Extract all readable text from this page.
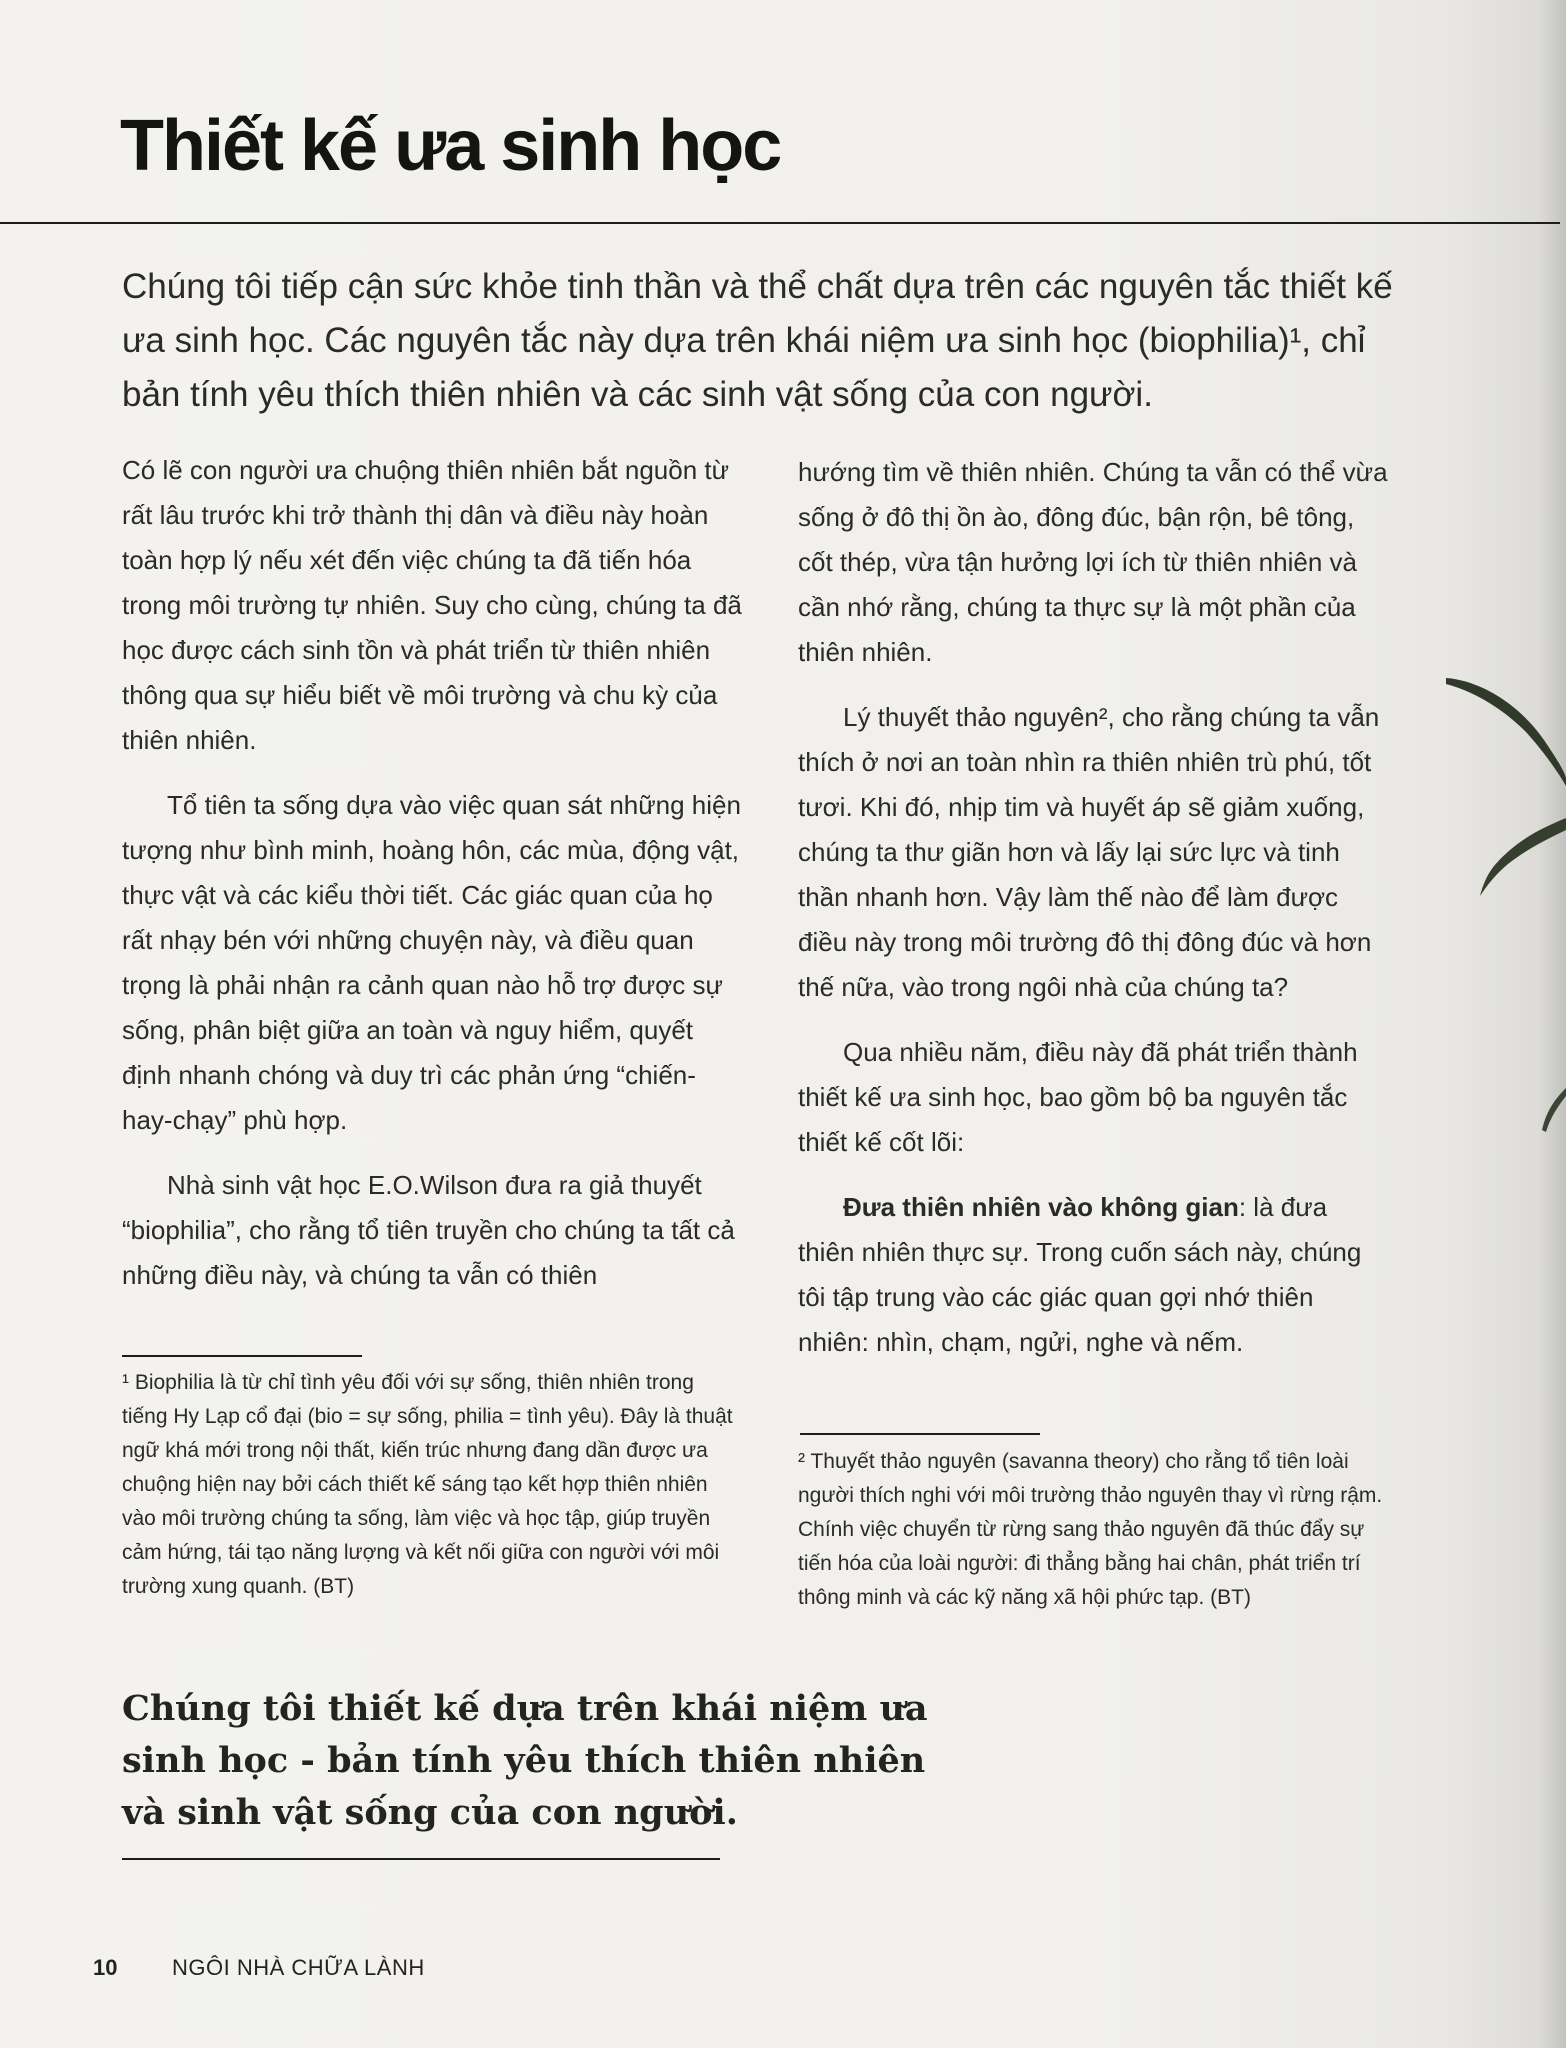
Thiết kế ưa sinh học

Chúng tôi tiếp cận sức khỏe tinh thần và thể chất dựa trên các nguyên tắc thiết kế ưa sinh học. Các nguyên tắc này dựa trên khái niệm ưa sinh học (biophilia)¹, chỉ bản tính yêu thích thiên nhiên và các sinh vật sống của con người.

Có lẽ con người ưa chuộng thiên nhiên bắt nguồn từ rất lâu trước khi trở thành thị dân và điều này hoàn toàn hợp lý nếu xét đến việc chúng ta đã tiến hóa trong môi trường tự nhiên. Suy cho cùng, chúng ta đã học được cách sinh tồn và phát triển từ thiên nhiên thông qua sự hiểu biết về môi trường và chu kỳ của thiên nhiên.

Tổ tiên ta sống dựa vào việc quan sát những hiện tượng như bình minh, hoàng hôn, các mùa, động vật, thực vật và các kiểu thời tiết. Các giác quan của họ rất nhạy bén với những chuyện này, và điều quan trọng là phải nhận ra cảnh quan nào hỗ trợ được sự sống, phân biệt giữa an toàn và nguy hiểm, quyết định nhanh chóng và duy trì các phản ứng “chiến-hay-chạy” phù hợp.

Nhà sinh vật học E.O.Wilson đưa ra giả thuyết “biophilia”, cho rằng tổ tiên truyền cho chúng ta tất cả những điều này, và chúng ta vẫn có thiên

hướng tìm về thiên nhiên. Chúng ta vẫn có thể vừa sống ở đô thị ồn ào, đông đúc, bận rộn, bê tông, cốt thép, vừa tận hưởng lợi ích từ thiên nhiên và cần nhớ rằng, chúng ta thực sự là một phần của thiên nhiên.

Lý thuyết thảo nguyên², cho rằng chúng ta vẫn thích ở nơi an toàn nhìn ra thiên nhiên trù phú, tốt tươi. Khi đó, nhịp tim và huyết áp sẽ giảm xuống, chúng ta thư giãn hơn và lấy lại sức lực và tinh thần nhanh hơn. Vậy làm thế nào để làm được điều này trong môi trường đô thị đông đúc và hơn thế nữa, vào trong ngôi nhà của chúng ta?

Qua nhiều năm, điều này đã phát triển thành thiết kế ưa sinh học, bao gồm bộ ba nguyên tắc thiết kế cốt lõi:

Đưa thiên nhiên vào không gian: là đưa thiên nhiên thực sự. Trong cuốn sách này, chúng tôi tập trung vào các giác quan gợi nhớ thiên nhiên: nhìn, chạm, ngửi, nghe và nếm.

¹ Biophilia là từ chỉ tình yêu đối với sự sống, thiên nhiên trong tiếng Hy Lạp cổ đại (bio = sự sống, philia = tình yêu). Đây là thuật ngữ khá mới trong nội thất, kiến trúc nhưng đang dần được ưa chuộng hiện nay bởi cách thiết kế sáng tạo kết hợp thiên nhiên vào môi trường chúng ta sống, làm việc và học tập, giúp truyền cảm hứng, tái tạo năng lượng và kết nối giữa con người với môi trường xung quanh. (BT)

² Thuyết thảo nguyên (savanna theory) cho rằng tổ tiên loài người thích nghi với môi trường thảo nguyên thay vì rừng rậm. Chính việc chuyển từ rừng sang thảo nguyên đã thúc đẩy sự tiến hóa của loài người: đi thẳng bằng hai chân, phát triển trí thông minh và các kỹ năng xã hội phức tạp. (BT)

Chúng tôi thiết kế dựa trên khái niệm ưa sinh học - bản tính yêu thích thiên nhiên và sinh vật sống của con người.

10 NGÔI NHÀ CHỮA LÀNH
